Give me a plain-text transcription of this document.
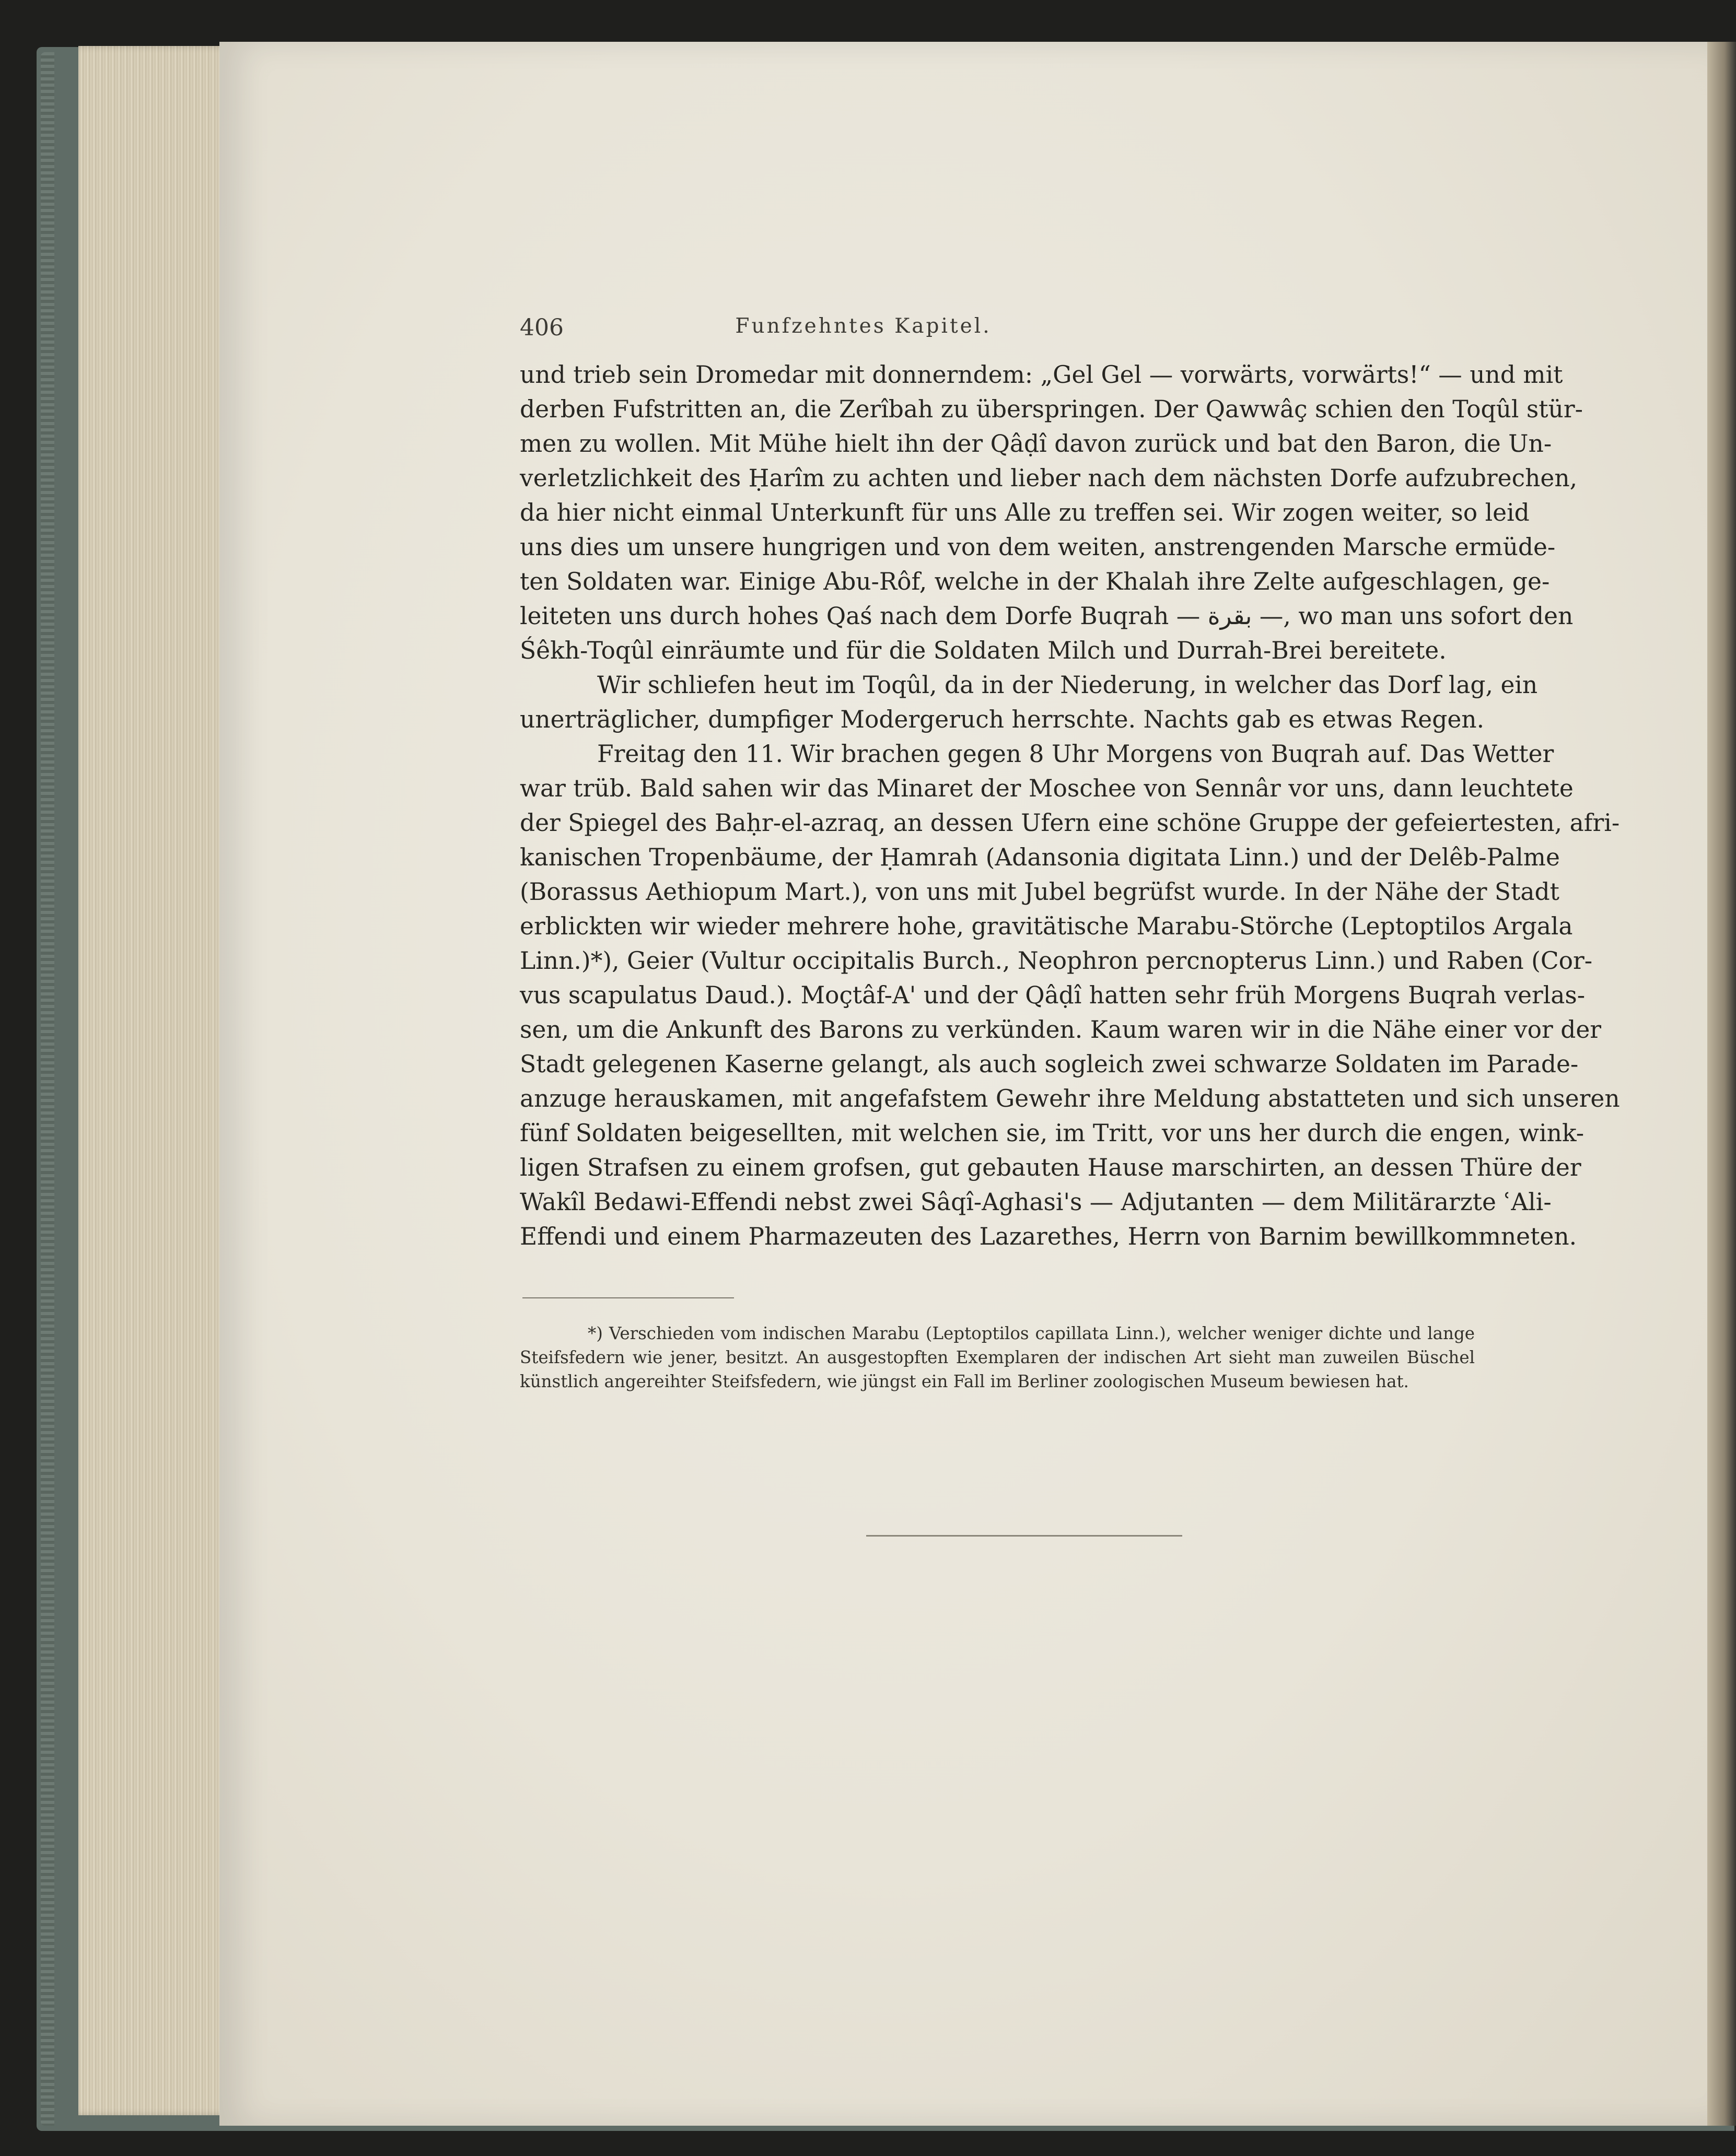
406	Funfzehntes Kapitel.
und trieb sein Dromedar mit donnerndem: „Gel Gel — vorwärts, vorwärts!“ — und mit
derben Fufstritten an, die Zerîbah zu überspringen. Der Qawwâç schien den Toqûl stür-
men zu wollen. Mit Mühe hielt ihn der Qâḍî davon zurück und bat den Baron, die Un-
verletzlichkeit des Ḥarîm zu achten und lieber nach dem nächsten Dorfe aufzubrechen,
da hier nicht einmal Unterkunft für uns Alle zu treffen sei. Wir zogen weiter, so leid
uns dies um unsere hungrigen und von dem weiten, anstrengenden Marsche ermüde-
ten Soldaten war. Einige Abu-Rôf, welche in der Khalah ihre Zelte aufgeschlagen, ge-
leiteten uns durch hohes Qaś nach dem Dorfe Buqrah — بقرة —, wo man uns sofort den
Śêkh-Toqûl einräumte und für die Soldaten Milch und Durrah-Brei bereitete.
Wir schliefen heut im Toqûl, da in der Niederung, in welcher das Dorf lag, ein
unerträglicher, dumpfiger Modergeruch herrschte. Nachts gab es etwas Regen.
Freitag den 11. Wir brachen gegen 8 Uhr Morgens von Buqrah auf. Das Wetter
war trüb. Bald sahen wir das Minaret der Moschee von Sennâr vor uns, dann leuchtete
der Spiegel des Baḥr-el-azraq, an dessen Ufern eine schöne Gruppe der gefeiertesten, afri-
kanischen Tropenbäume, der Ḥamrah (Adansonia digitata Linn.) und der Delêb-Palme
(Borassus Aethiopum Mart.), von uns mit Jubel begrüfst wurde. In der Nähe der Stadt
erblickten wir wieder mehrere hohe, gravitätische Marabu-Störche (Leptoptilos Argala
Linn.)*), Geier (Vultur occipitalis Burch., Neophron percnopterus Linn.) und Raben (Cor-
vus scapulatus Daud.). Moçtâf-A' und der Qâḍî hatten sehr früh Morgens Buqrah verlas-
sen, um die Ankunft des Barons zu verkünden. Kaum waren wir in die Nähe einer vor der
Stadt gelegenen Kaserne gelangt, als auch sogleich zwei schwarze Soldaten im Parade-
anzuge herauskamen, mit angefafstem Gewehr ihre Meldung abstatteten und sich unseren
fünf Soldaten beigesellten, mit welchen sie, im Tritt, vor uns her durch die engen, wink-
ligen Strafsen zu einem grofsen, gut gebauten Hause marschirten, an dessen Thüre der
Wakîl Bedawi-Effendi nebst zwei Sâqî-Aghasi's — Adjutanten — dem Militärarzte ʿAli-
Effendi und einem Pharmazeuten des Lazarethes, Herrn von Barnim bewillkommneten.
*) Verschieden vom indischen Marabu (Leptoptilos capillata Linn.), welcher weniger dichte und lange
Steifsfedern wie jener, besitzt. An ausgestopften Exemplaren der indischen Art sieht man zuweilen Büschel
künstlich angereihter Steifsfedern, wie jüngst ein Fall im Berliner zoologischen Museum bewiesen hat.
